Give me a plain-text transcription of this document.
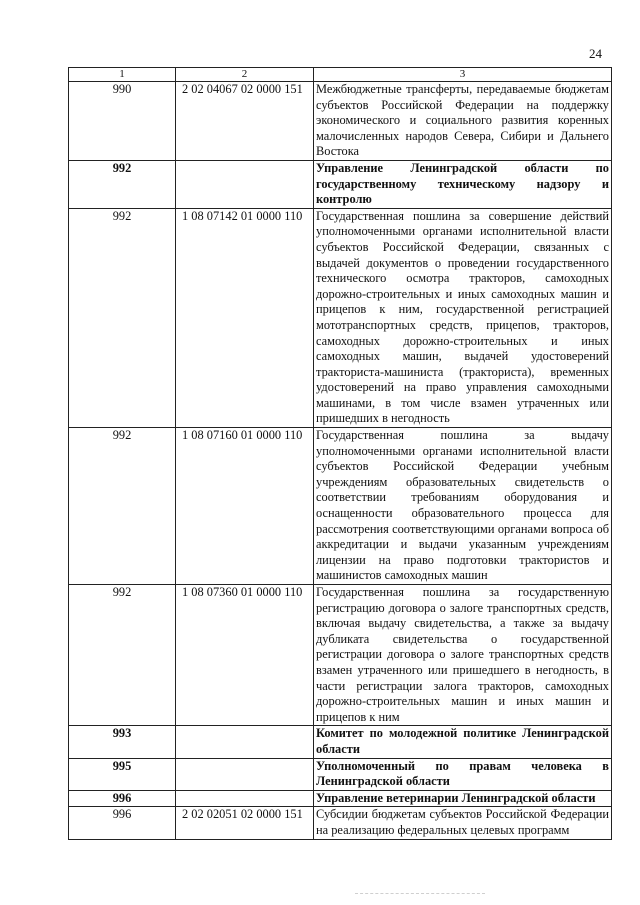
24
1	2	3
990	2 02 04067 02 0000 151	Межбюджетные трансферты, передаваемые бюджетам субъектов Российской Федерации на поддержку экономического и социального развития коренных малочисленных народов Севера, Сибири и Дальнего Востока
992		Управление Ленинградской области по государственному техническому надзору и контролю
992	1 08 07142 01 0000 110	Государственная пошлина за совершение действий уполномоченными органами исполнительной власти субъектов Российской Федерации, связанных с выдачей документов о проведении государственного технического осмотра тракторов, самоходных дорожно-строительных и иных самоходных машин и прицепов к ним, государственной регистрацией мототранспортных средств, прицепов, тракторов, самоходных дорожно-строительных и иных самоходных машин, выдачей удостоверений тракториста-машиниста (тракториста), временных удостоверений на право управления самоходными машинами, в том числе взамен утраченных или пришедших в негодность
992	1 08 07160 01 0000 110	Государственная пошлина за выдачу уполномоченными органами исполнительной власти субъектов Российской Федерации учебным учреждениям образовательных свидетельств о соответствии требованиям оборудования и оснащенности образовательного процесса для рассмотрения соответствующими органами вопроса об аккредитации и выдачи указанным учреждениям лицензии на право подготовки трактористов и машинистов самоходных машин
992	1 08 07360 01 0000 110	Государственная пошлина за государственную регистрацию договора о залоге транспортных средств, включая выдачу свидетельства, а также за выдачу дубликата свидетельства о государственной регистрации договора о залоге транспортных средств взамен утраченного или пришедшего в негодность, в части регистрации залога тракторов, самоходных дорожно-строительных машин и иных машин и прицепов к ним
993		Комитет по молодежной политике Ленинградской области
995		Уполномоченный по правам человека в Ленинградской области
996		Управление ветеринарии Ленинградской области
996	2 02 02051 02 0000 151	Субсидии бюджетам субъектов Российской Федерации на реализацию федеральных целевых программ
